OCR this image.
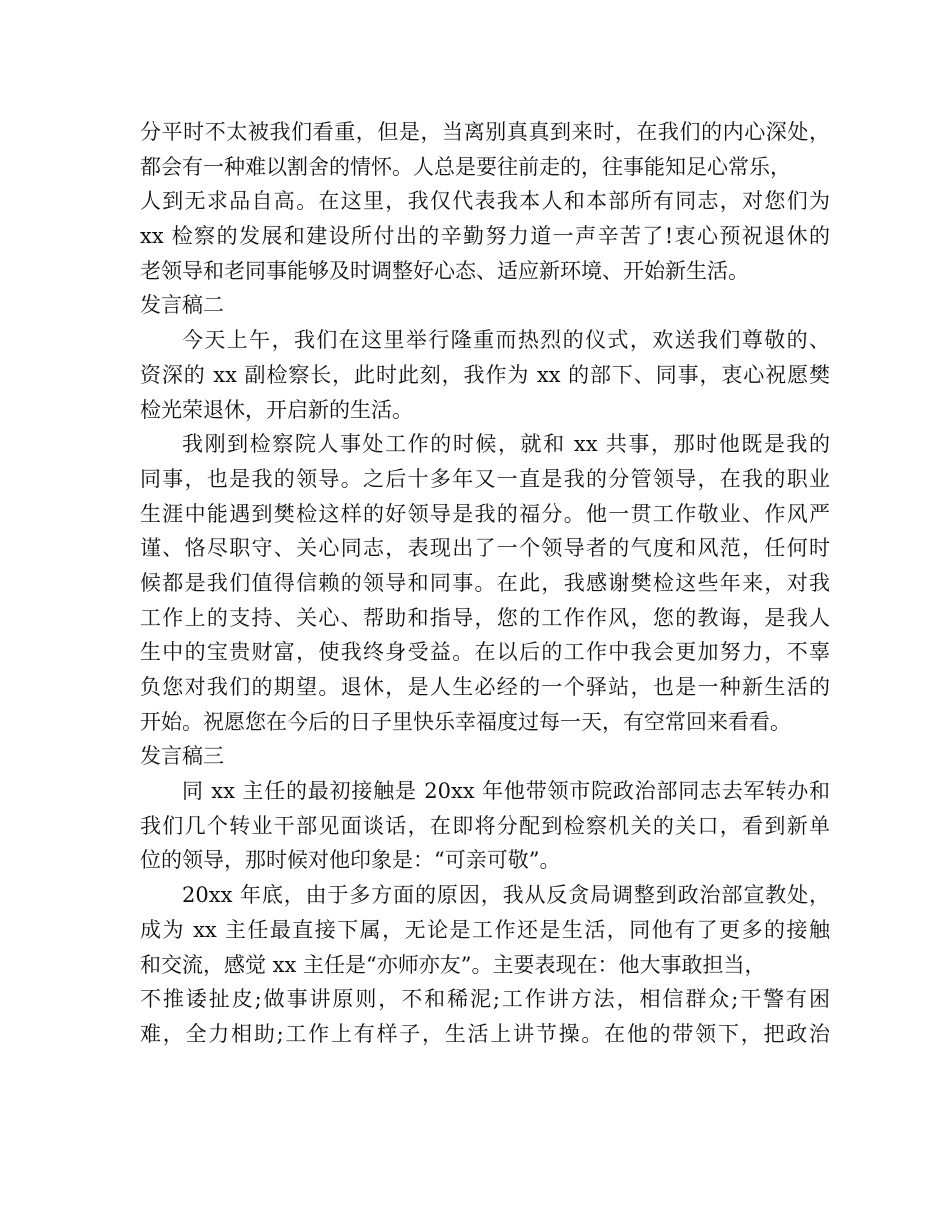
分平时不太被我们看重，但是，当离别真真到来时，在我们的内心深处，
都会有一种难以割舍的情怀。人总是要往前走的，往事能知足心常乐，
人到无求品自高。在这里，我仅代表我本人和本部所有同志，对您们为
xx 检察的发展和建设所付出的辛勤努力道一声辛苦了!衷心预祝退休的
老领导和老同事能够及时调整好心态、适应新环境、开始新生活。
发言稿二
今天上午，我们在这里举行隆重而热烈的仪式，欢送我们尊敬的、
资深的 xx 副检察长，此时此刻，我作为 xx 的部下、同事，衷心祝愿樊
检光荣退休，开启新的生活。
我刚到检察院人事处工作的时候，就和 xx 共事，那时他既是我的
同事，也是我的领导。之后十多年又一直是我的分管领导，在我的职业
生涯中能遇到樊检这样的好领导是我的福分。他一贯工作敬业、作风严
谨、恪尽职守、关心同志，表现出了一个领导者的气度和风范，任何时
候都是我们值得信赖的领导和同事。在此，我感谢樊检这些年来，对我
工作上的支持、关心、帮助和指导，您的工作作风，您的教诲，是我人
生中的宝贵财富，使我终身受益。在以后的工作中我会更加努力，不辜
负您对我们的期望。退休，是人生必经的一个驿站，也是一种新生活的
开始。祝愿您在今后的日子里快乐幸福度过每一天，有空常回来看看。
发言稿三
同 xx 主任的最初接触是 20xx 年他带领市院政治部同志去军转办和
我们几个转业干部见面谈话，在即将分配到检察机关的关口，看到新单
位的领导，那时候对他印象是：“可亲可敬”。
20xx 年底，由于多方面的原因，我从反贪局调整到政治部宣教处，
成为 xx 主任最直接下属，无论是工作还是生活，同他有了更多的接触
和交流，感觉 xx 主任是“亦师亦友”。主要表现在：他大事敢担当，
不推诿扯皮;做事讲原则，不和稀泥;工作讲方法，相信群众;干警有困
难，全力相助;工作上有样子，生活上讲节操。在他的带领下，把政治
